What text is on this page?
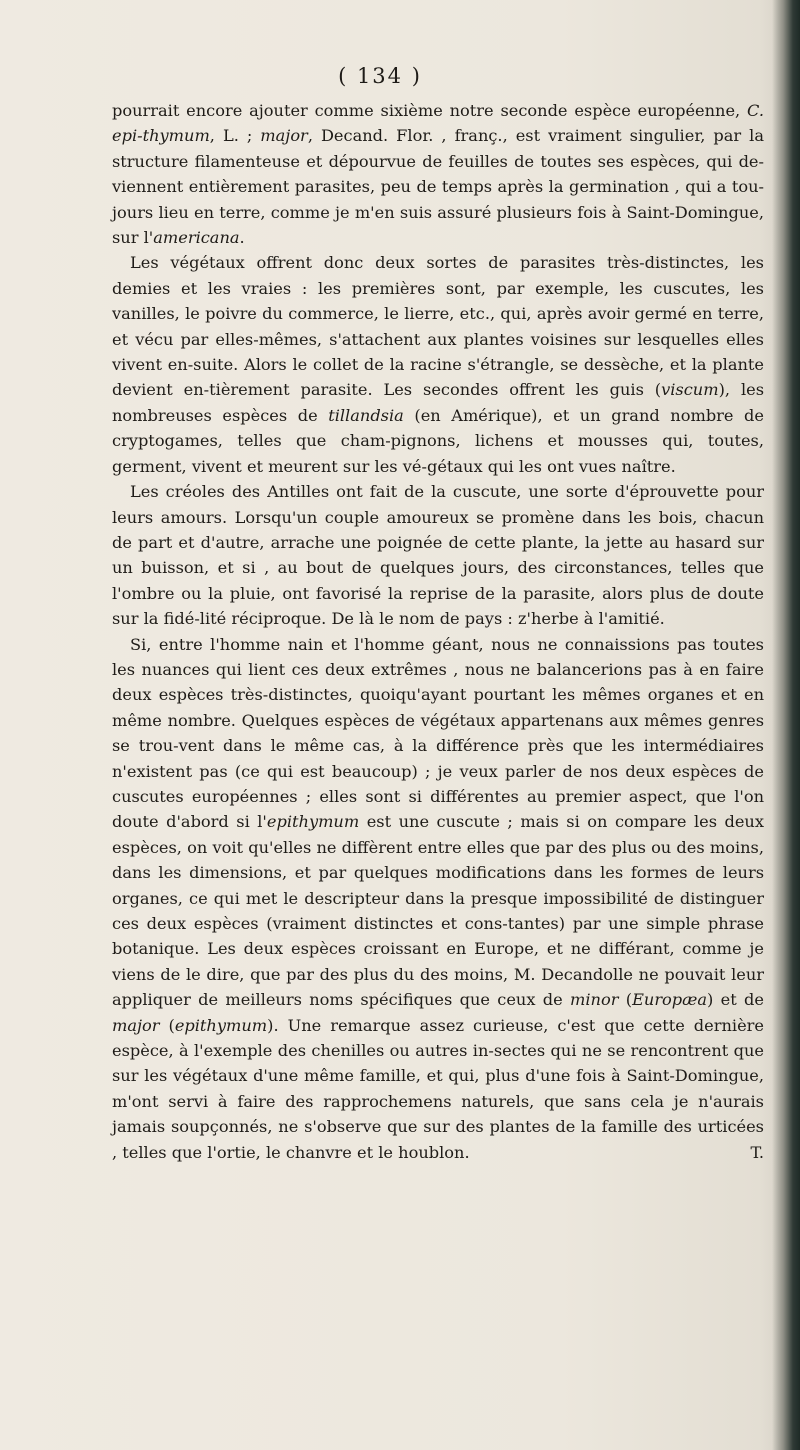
( 134 )

pourrait encore ajouter comme sixième notre seconde espèce européenne, C. epi-thymum, L. ; major, Decand. Flor. , franç., est vraiment singulier, par la structure filamenteuse et dépourvue de feuilles de toutes ses espèces, qui de-viennent entièrement parasites, peu de temps après la germination , qui a tou-jours lieu en terre, comme je m'en suis assuré plusieurs fois à Saint-Domingue, sur l'americana.

Les végétaux offrent donc deux sortes de parasites très-distinctes, les demies et les vraies : les premières sont, par exemple, les cuscutes, les vanilles, le poivre du commerce, le lierre, etc., qui, après avoir germé en terre, et vécu par elles-mêmes, s'attachent aux plantes voisines sur lesquelles elles vivent en-suite. Alors le collet de la racine s'étrangle, se dessèche, et la plante devient en-tièrement parasite. Les secondes offrent les guis (viscum), les nombreuses espèces de tillandsia (en Amérique), et un grand nombre de cryptogames, telles que cham-pignons, lichens et mousses qui, toutes, germent, vivent et meurent sur les vé-gétaux qui les ont vues naître.

Les créoles des Antilles ont fait de la cuscute, une sorte d'éprouvette pour leurs amours. Lorsqu'un couple amoureux se promène dans les bois, chacun de part et d'autre, arrache une poignée de cette plante, la jette au hasard sur un buisson, et si , au bout de quelques jours, des circonstances, telles que l'ombre ou la pluie, ont favorisé la reprise de la parasite, alors plus de doute sur la fidé-lité réciproque. De là le nom de pays : z'herbe à l'amitié.

Si, entre l'homme nain et l'homme géant, nous ne connaissions pas toutes les nuances qui lient ces deux extrêmes , nous ne balancerions pas à en faire deux espèces très-distinctes, quoiqu'ayant pourtant les mêmes organes et en même nombre. Quelques espèces de végétaux appartenans aux mêmes genres se trou-vent dans le même cas, à la différence près que les intermédiaires n'existent pas (ce qui est beaucoup) ; je veux parler de nos deux espèces de cuscutes européennes ; elles sont si différentes au premier aspect, que l'on doute d'abord si l'epithymum est une cuscute ; mais si on compare les deux espèces, on voit qu'elles ne diffèrent entre elles que par des plus ou des moins, dans les dimensions, et par quelques modifications dans les formes de leurs organes, ce qui met le descripteur dans la presque impossibilité de distinguer ces deux espèces (vraiment distinctes et cons-tantes) par une simple phrase botanique. Les deux espèces croissant en Europe, et ne différant, comme je viens de le dire, que par des plus du des moins, M. Decandolle ne pouvait leur appliquer de meilleurs noms spécifiques que ceux de minor (Europæa) et de major (epithymum). Une remarque assez curieuse, c'est que cette dernière espèce, à l'exemple des chenilles ou autres in-sectes qui ne se rencontrent que sur les végétaux d'une même famille, et qui, plus d'une fois à Saint-Domingue, m'ont servi à faire des rapprochemens naturels, que sans cela je n'aurais jamais soupçonnés, ne s'observe que sur des plantes de la famille des urticées , telles que l'ortie, le chanvre et le houblon.	T.
